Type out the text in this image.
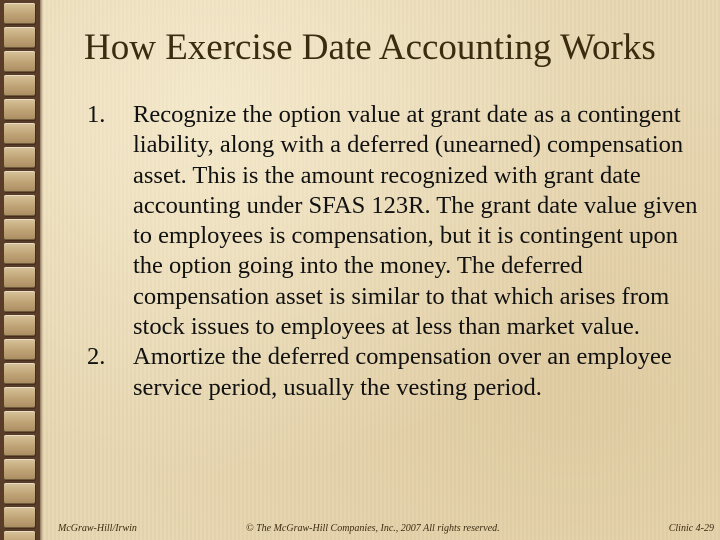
How Exercise Date Accounting Works
1.	Recognize the option value at grant date as a contingent liability, along with a deferred (unearned) compensation asset. This is the amount recognized with grant date accounting under SFAS 123R. The grant date value given to employees is compensation, but it is contingent upon the option going into the money. The deferred compensation asset is similar to that which arises from stock issues to employees at less than market value.
2.	Amortize the deferred compensation over an employee service period, usually the vesting period.
McGraw-Hill/Irwin	© The McGraw-Hill Companies, Inc., 2007 All rights reserved.	Clinic 4-29
